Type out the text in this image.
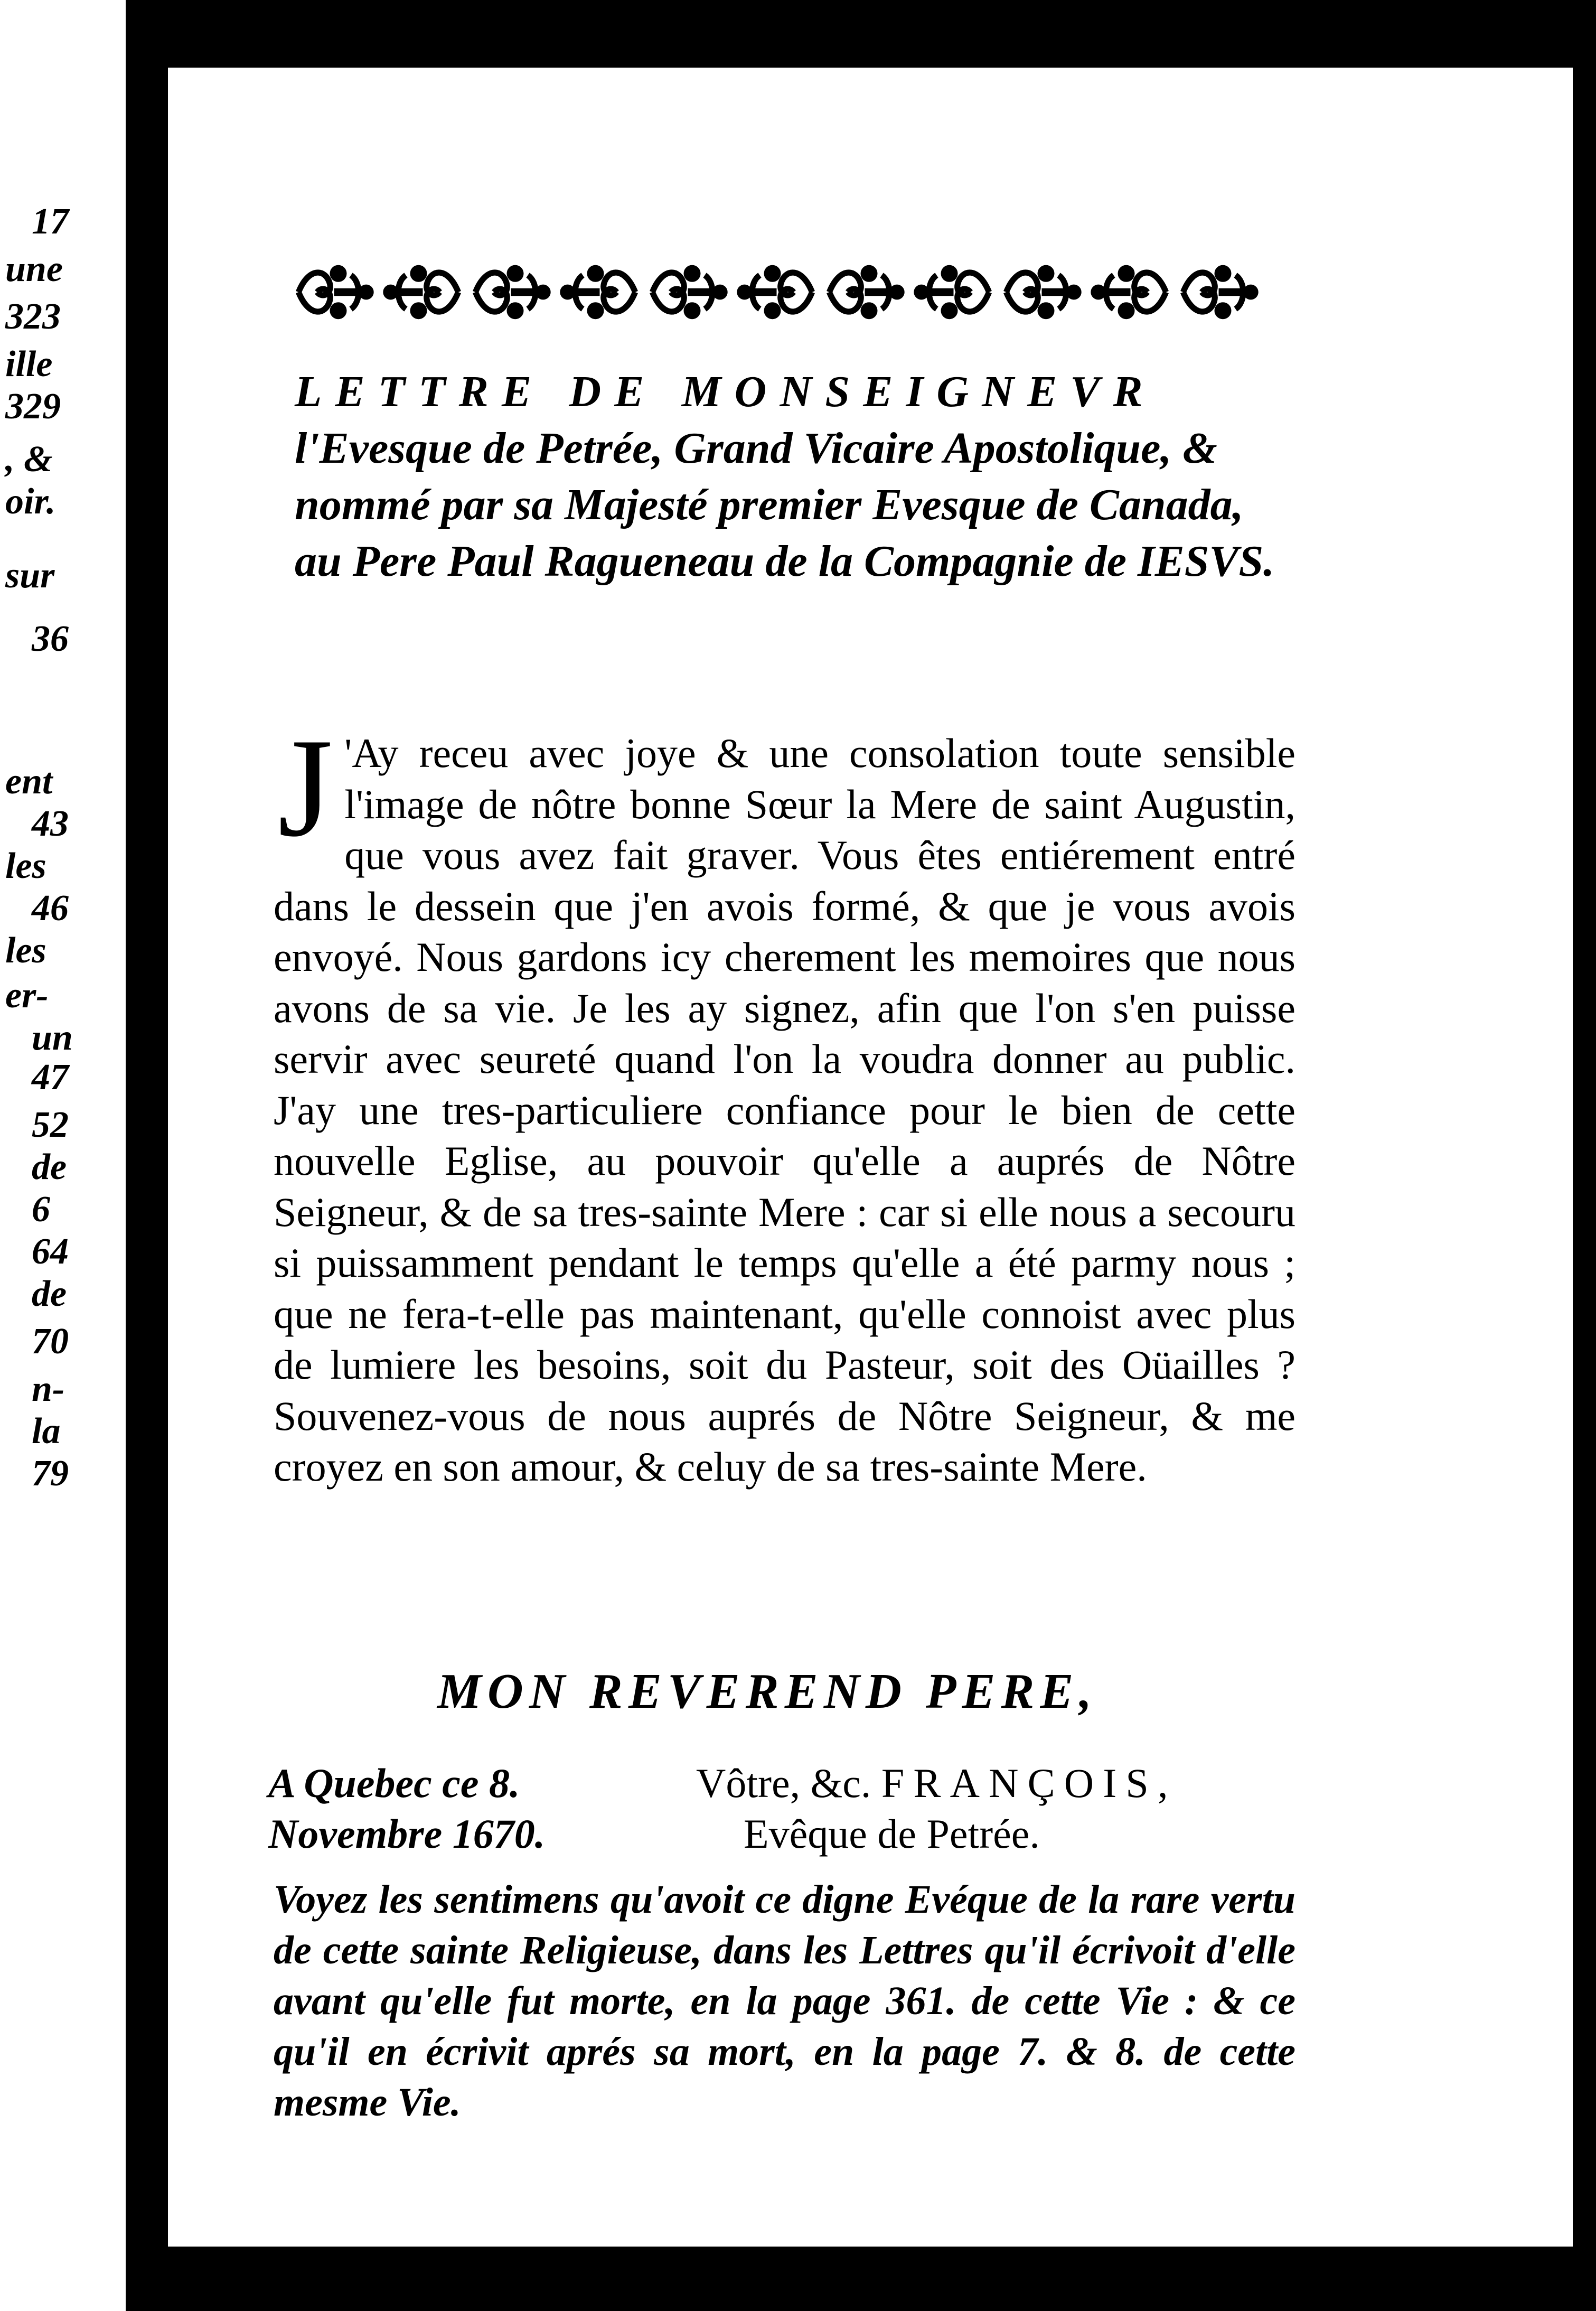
17
une
323
ille
329
, &
oir.
sur
36
ent
43
les
46
les
er-
un
47
52
de
6
64
de
70
n-
la
79
LETTRE DE MONSEIGNEVR
l'Evesque de Petrée, Grand Vicaire Apostolique, & nommé par sa Majesté premier Evesque de Canada, au Pere Paul Ragueneau de la Compagnie de IESVS.

J 'Ay receu avec joye & une consolation toute sensible l'image de nôtre bonne Sœur la Mere de saint Augustin, que vous avez fait graver. Vous êtes entiérement entré dans le dessein que j'en avois formé, & que je vous avois envoyé. Nous gardons icy cherement les memoires que nous avons de sa vie. Je les ay signez, afin que l'on s'en puisse servir avec seureté quand l'on la voudra donner au public. J'ay une tres-particuliere confiance pour le bien de cette nouvelle Eglise, au pouvoir qu'elle a auprés de Nôtre Seigneur, & de sa tres-sainte Mere : car si elle nous a secouru si puissamment pendant le temps qu'elle a été parmy nous ; que ne fera-t-elle pas maintenant, qu'elle connoist avec plus de lumiere les besoins, soit du Pasteur, soit des Oüailles ? Souvenez-vous de nous auprés de Nôtre Seigneur, & me croyez en son amour, & celuy de sa tres-sainte Mere.

MON REVEREND PERE,

A Quebec ce 8.
Novembre 1670.
Vôtre, &c. FRANÇOIS,
Evêque de Petrée.

Voyez les sentimens qu'avoit ce digne Evéque de la rare vertu de cette sainte Religieuse, dans les Lettres qu'il écrivoit d'elle avant qu'elle fut morte, en la page 361. de cette Vie : & ce qu'il en écrivit aprés sa mort, en la page 7. & 8. de cette mesme Vie.
